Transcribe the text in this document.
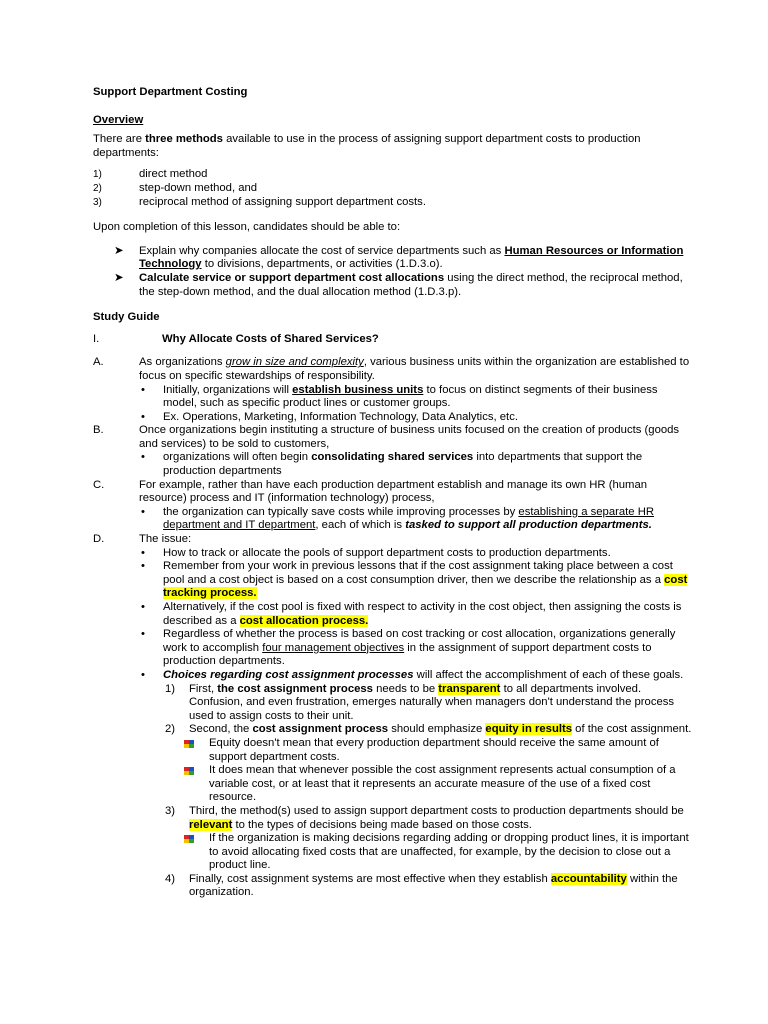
Support Department Costing

Overview

There are three methods available to use in the process of assigning support department costs to production departments:

1)	direct method
2)	step-down method, and
3)	reciprocal method of assigning support department costs.

Upon completion of this lesson, candidates should be able to:

➤ Explain why companies allocate the cost of service departments such as Human Resources or Information Technology to divisions, departments, or activities (1.D.3.o).
➤ Calculate service or support department cost allocations using the direct method, the reciprocal method, the step-down method, and the dual allocation method (1.D.3.p).

Study Guide

I.	Why Allocate Costs of Shared Services?
A.	As organizations grow in size and complexity, various business units within the organization are established to focus on specific stewardships of responsibility.
• Initially, organizations will establish business units to focus on distinct segments of their business model, such as specific product lines or customer groups.
• Ex. Operations, Marketing, Information Technology, Data Analytics, etc.
B.	Once organizations begin instituting a structure of business units focused on the creation of products (goods and services) to be sold to customers,
• organizations will often begin consolidating shared services into departments that support the production departments
C.	For example, rather than have each production department establish and manage its own HR (human resource) process and IT (information technology) process,
• the organization can typically save costs while improving processes by establishing a separate HR department and IT department, each of which is tasked to support all production departments.
D.	The issue:
• How to track or allocate the pools of support department costs to production departments.
• Remember from your work in previous lessons that if the cost assignment taking place between a cost pool and a cost object is based on a cost consumption driver, then we describe the relationship as a cost tracking process.
• Alternatively, if the cost pool is fixed with respect to activity in the cost object, then assigning the costs is described as a cost allocation process.
• Regardless of whether the process is based on cost tracking or cost allocation, organizations generally work to accomplish four management objectives in the assignment of support department costs to production departments.
• Choices regarding cost assignment processes will affect the accomplishment of each of these goals.
1) First, the cost assignment process needs to be transparent to all departments involved. Confusion, and even frustration, emerges naturally when managers don't understand the process used to assign costs to their unit.
2) Second, the cost assignment process should emphasize equity in results of the cost assignment.
Equity doesn't mean that every production department should receive the same amount of support department costs.
It does mean that whenever possible the cost assignment represents actual consumption of a variable cost, or at least that it represents an accurate measure of the use of a fixed cost resource.
3) Third, the method(s) used to assign support department costs to production departments should be relevant to the types of decisions being made based on those costs.
If the organization is making decisions regarding adding or dropping product lines, it is important to avoid allocating fixed costs that are unaffected, for example, by the decision to close out a product line.
4) Finally, cost assignment systems are most effective when they establish accountability within the organization.
